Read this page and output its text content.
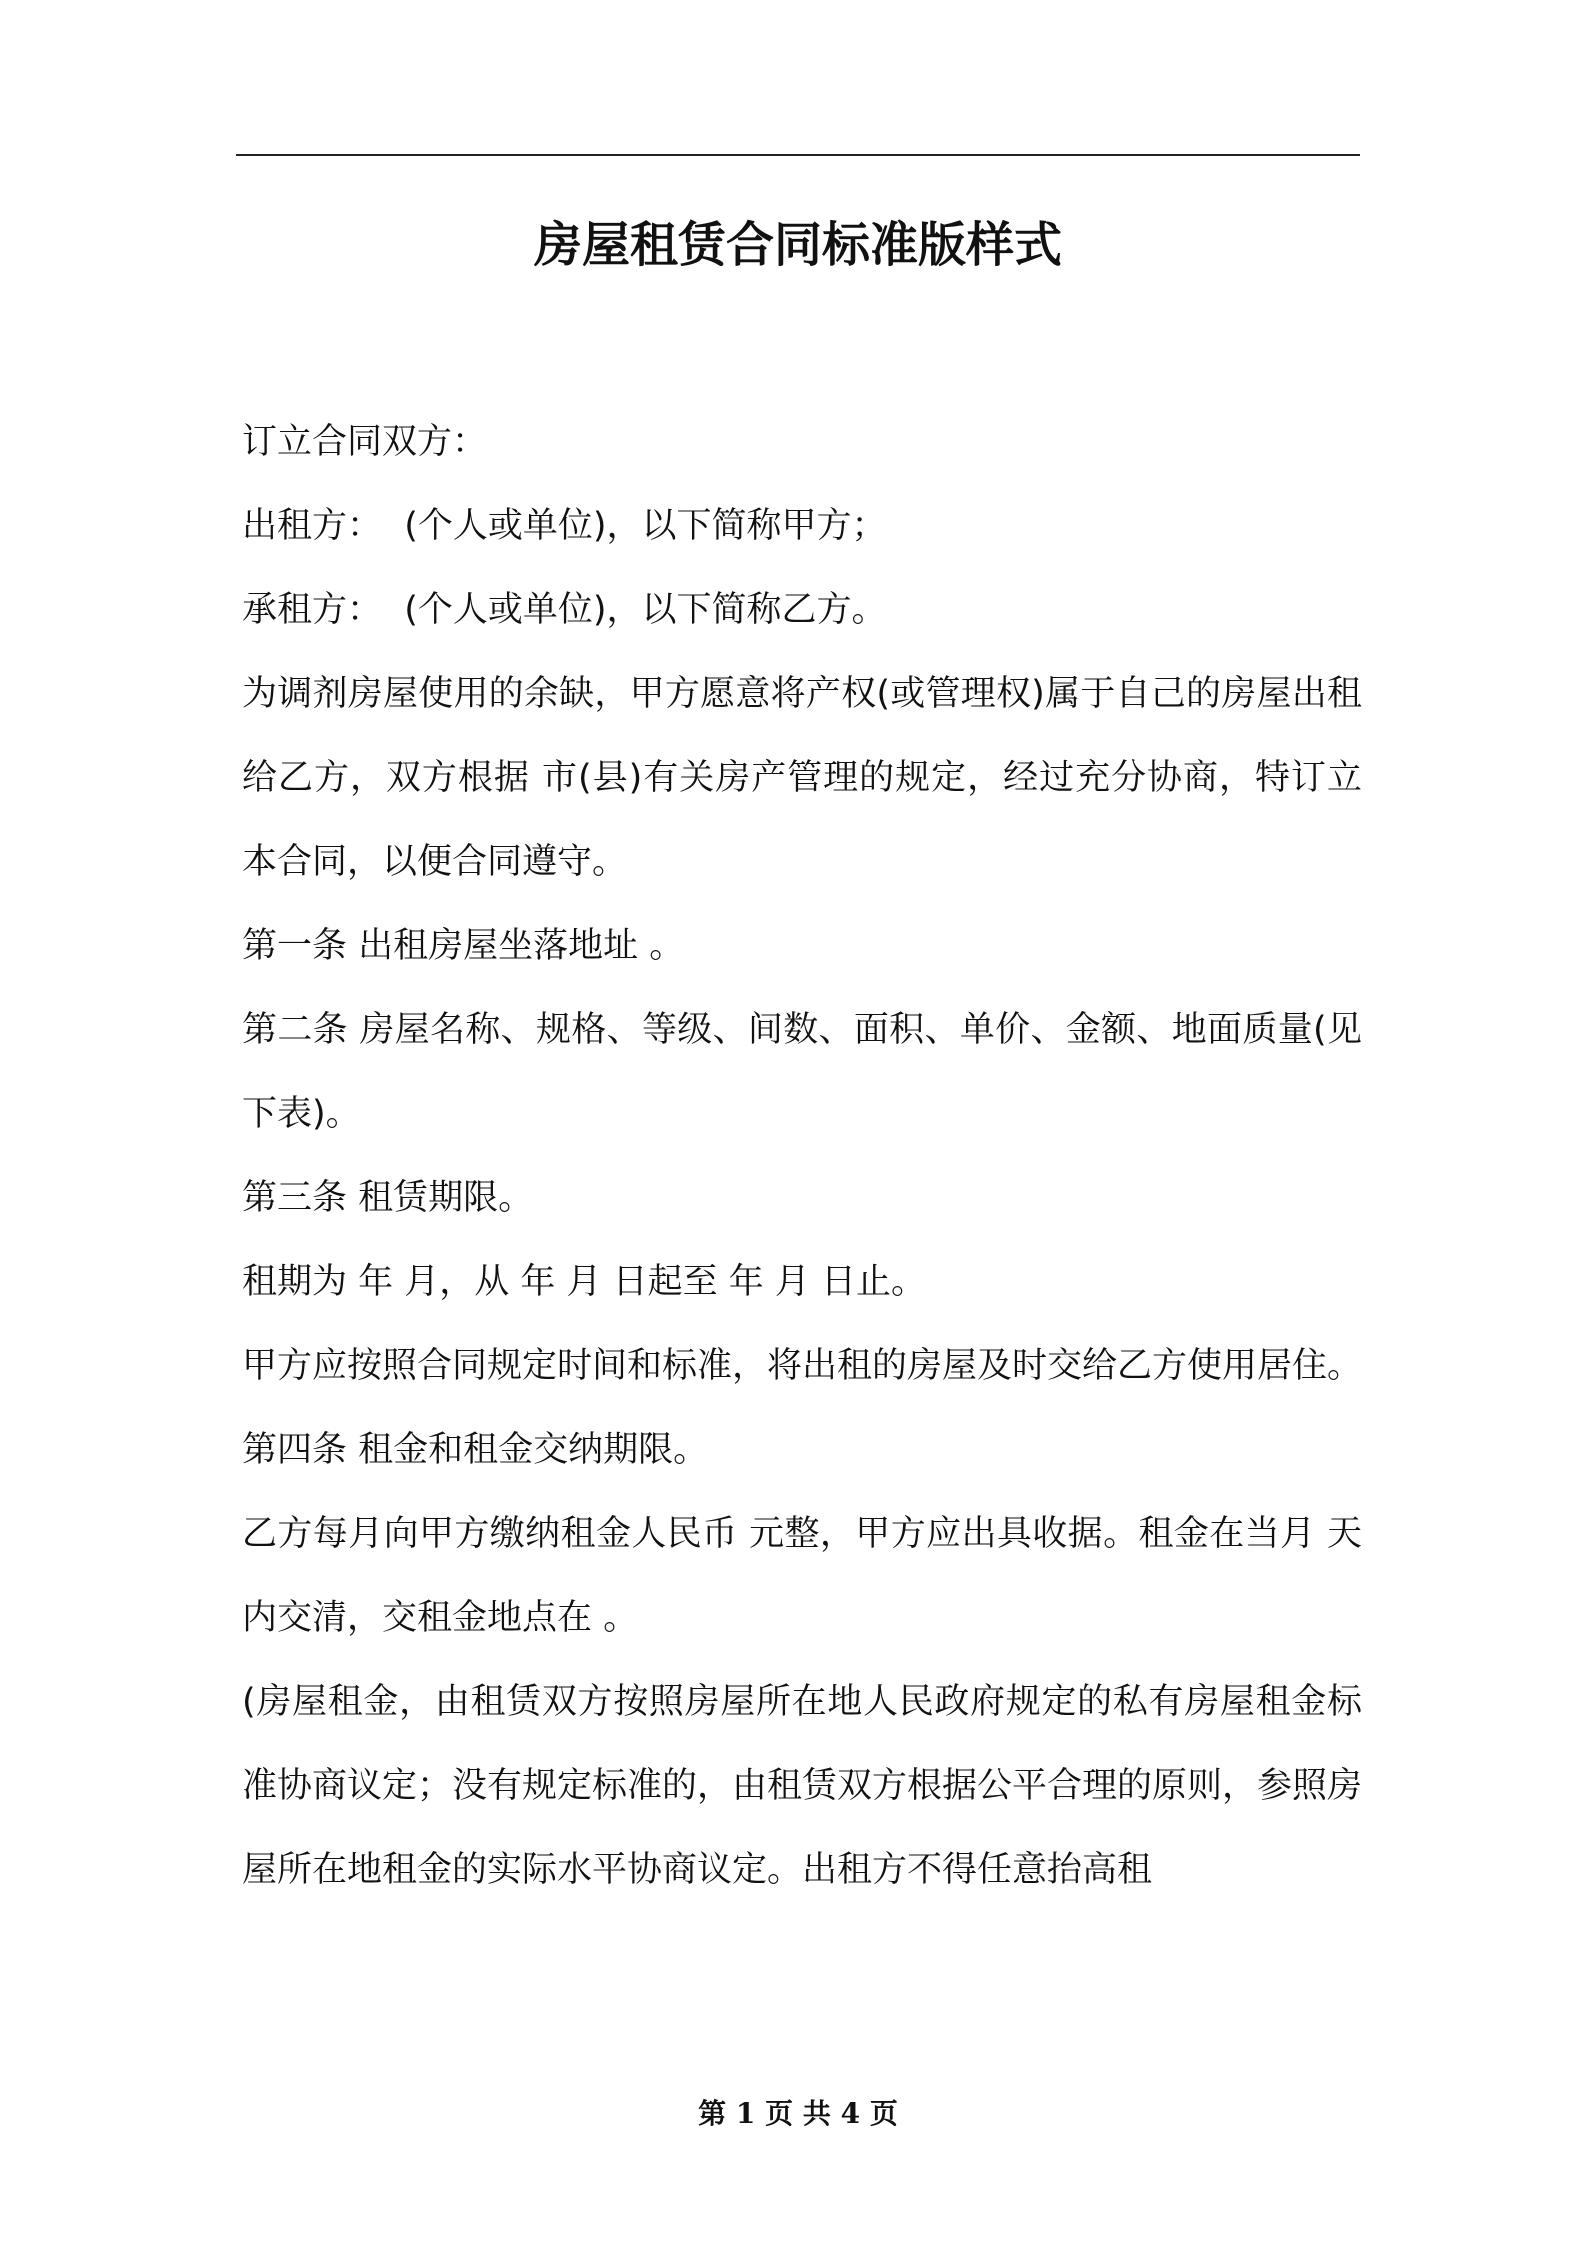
房屋租赁合同标准版样式

订立合同双方：

出租方：  (个人或单位)，以下简称甲方；

承租方：  (个人或单位)，以下简称乙方。

为调剂房屋使用的余缺，甲方愿意将产权(或管理权)属于自己的房屋出租给乙方，双方根据 市(县)有关房产管理的规定，经过充分协商，特订立本合同，以便合同遵守。

第一条 出租房屋坐落地址 。

第二条 房屋名称、规格、等级、间数、面积、单价、金额、地面质量(见下表)。

第三条 租赁期限。

租期为 年 月，从 年 月 日起至 年 月 日止。

甲方应按照合同规定时间和标准，将出租的房屋及时交给乙方使用居住。

第四条 租金和租金交纳期限。

乙方每月向甲方缴纳租金人民币 元整，甲方应出具收据。租金在当月 天内交清，交租金地点在 。

(房屋租金，由租赁双方按照房屋所在地人民政府规定的私有房屋租金标准协商议定；没有规定标准的，由租赁双方根据公平合理的原则，参照房屋所在地租金的实际水平协商议定。出租方不得任意抬高租

第 1 页 共 4 页
